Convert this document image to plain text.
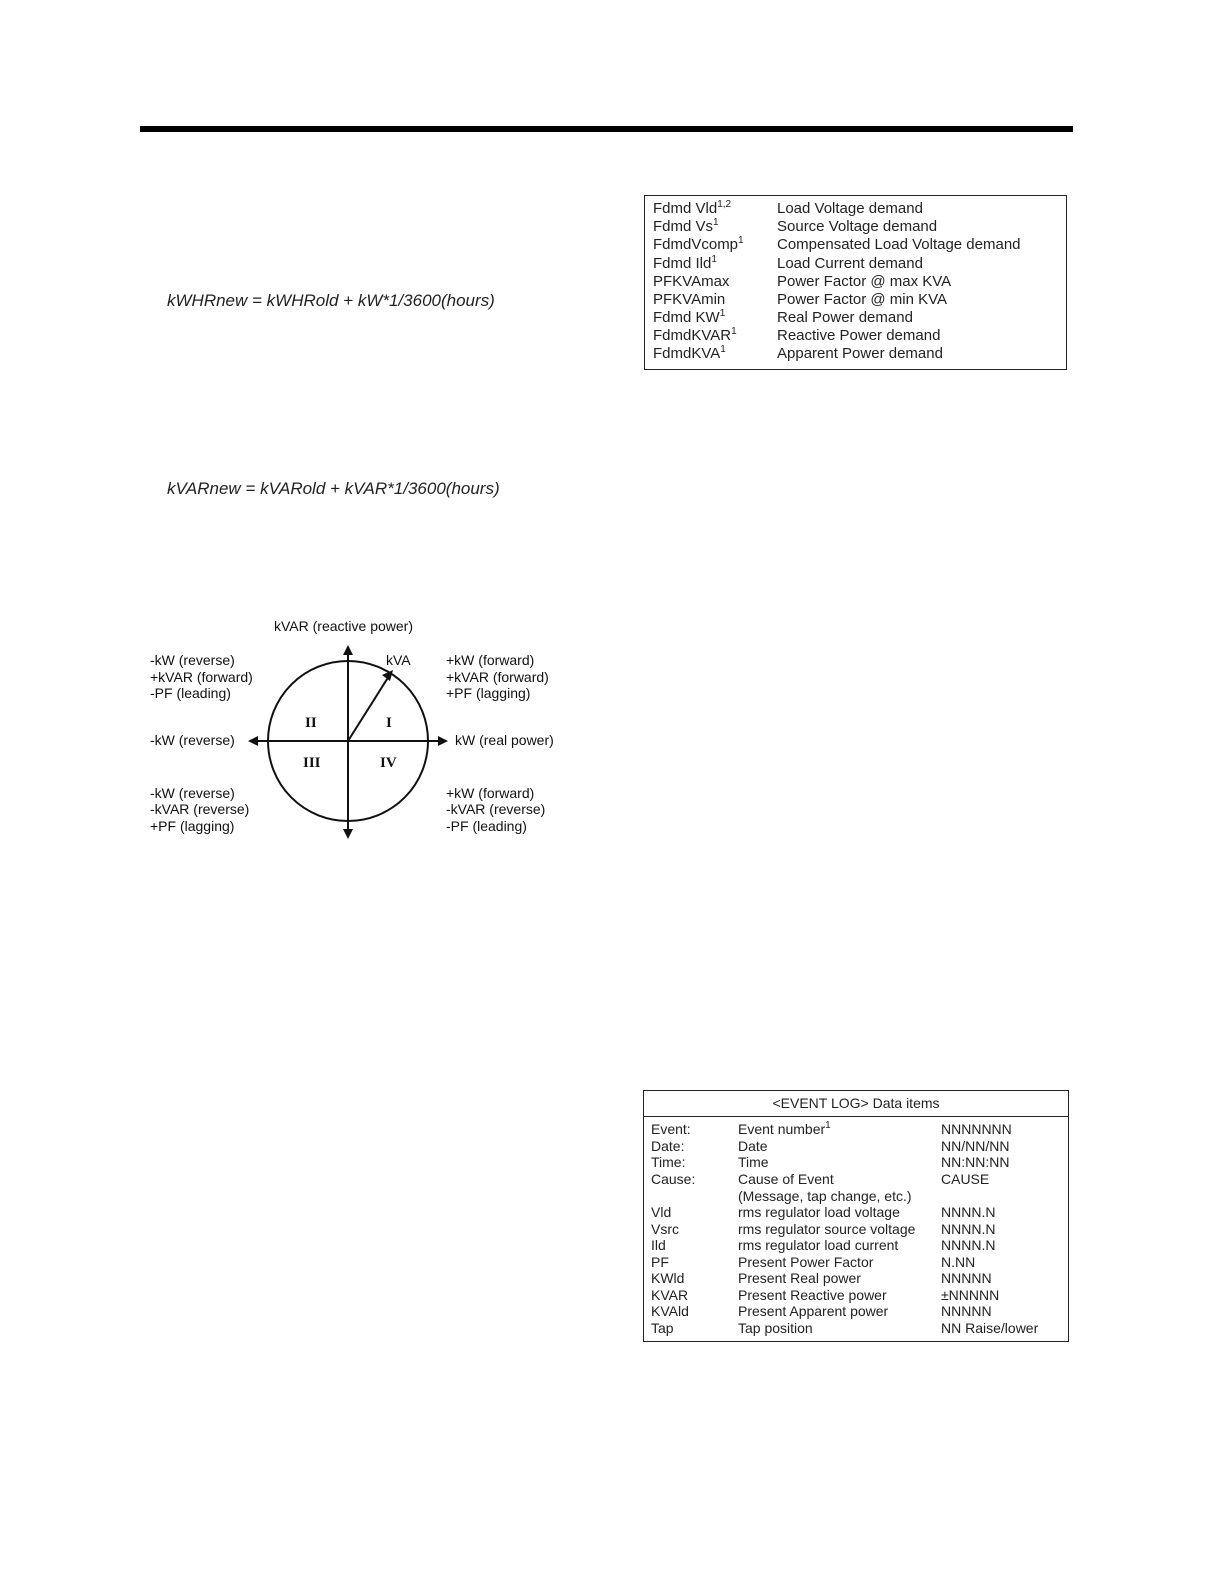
kWHRnew = kWHRold + kW*1/3600(hours)
kVARnew = kVARold + kVAR*1/3600(hours)
Fdmd Vld$^{1,2}$	Load Voltage demand
Fdmd Vs$^1$	Source Voltage demand
FdmdVcomp$^1$ Compensated Load Voltage demand
Fdmd Ild$^1$	Load Current demand
PFKVAmax	Power Factor @ max KVA
PFKVAmin	Power Factor @ min KVA
Fdmd $KW^1$	Real Power demand
FdmdKVAR$^1$	Reactive Power demand
FdmdKVA$^1$	Apparent Power demand
kVAR (reactive power)
kW (real power)
-kW (reverse)
kVA
I
II
III	IV
-kW (reverse)
+kVAR (forward)
-PF (leading)
+kW (forward)
+kVAR (forward)
+PF (lagging)
-kW (reverse)
-kVAR (reverse)
+PF (lagging)
+kW (forward)
-kVAR (reverse)
-PF (leading)
<EVENT LOG> Data items
Event:	Event number$^1$	NNNNNNN
Date:	Date	NN/NN/NN
Time:	Time	NN:NN:NN
Cause:	Cause of Event	CAUSE
(Message, tap change, etc.)
Vld	rms regulator load voltage	NNNN.N
Vsrc	rms regulator source voltage NNNN.N
Ild	rms regulator load current	NNNN.N
PF	Present Power Factor	N.NN
KWld	Present Real power	NNNNN
KVAR	Present Reactive power	±NNNNN
KVAld	Present Apparent power	NNNNN
Tap	Tap position	NN Raise/lower
